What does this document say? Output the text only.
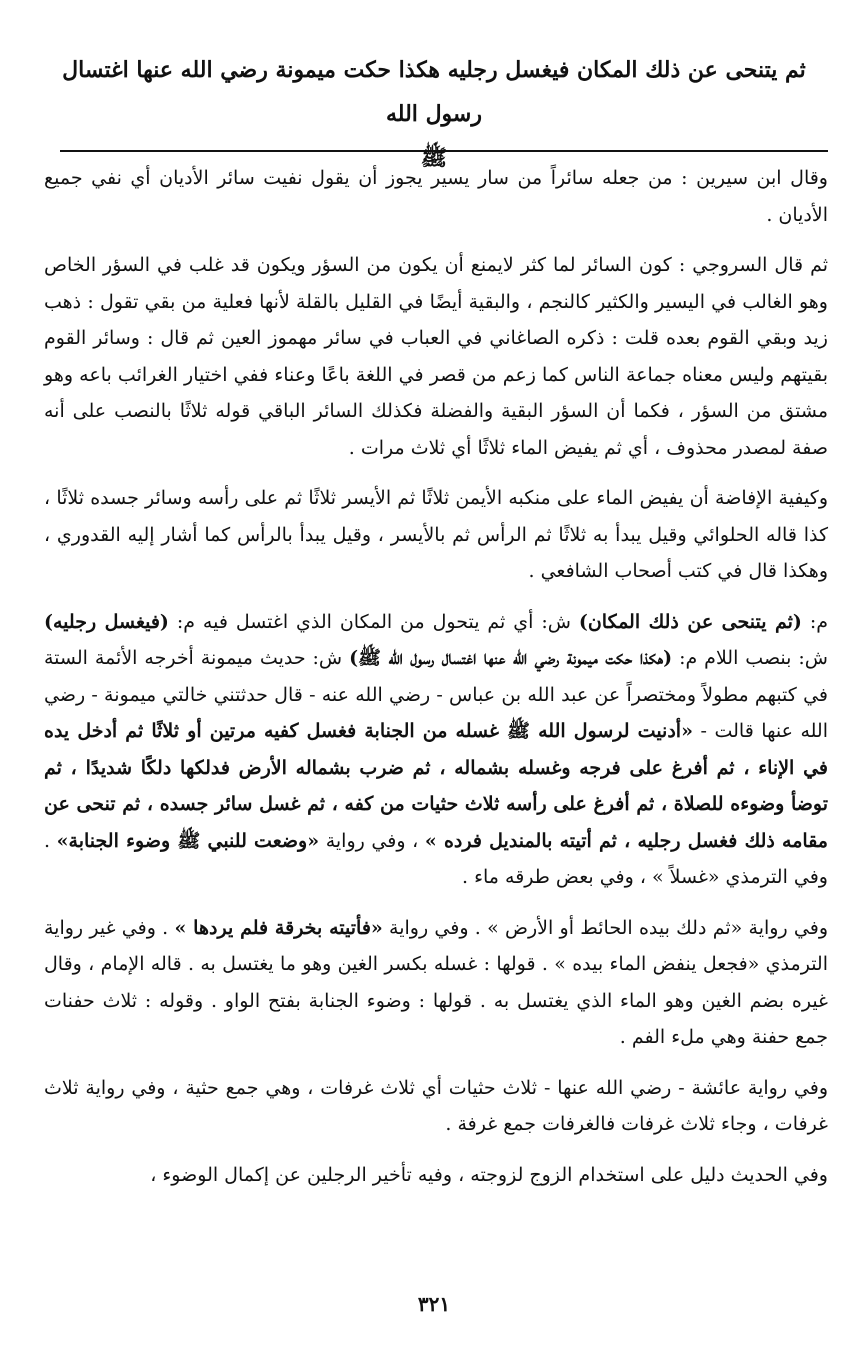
ثم يتنحى عن ذلك المكان فيغسل رجليه هكذا حكت ميمونة رضي الله عنها اغتسال رسول الله
ﷺ

وقال ابن سيرين : من جعله سائراً من سار يسير يجوز أن يقول نفيت سائر الأديان أي نفي جميع الأديان .

ثم قال السروجي : كون السائر لما كثر لايمنع أن يكون من السؤر ويكون قد غلب في السؤر الخاص وهو الغالب في اليسير والكثير كالنجم ، والبقية أيضًا في القليل بالقلة لأنها فعلية من بقي تقول : ذهب زيد وبقي القوم بعده قلت : ذكره الصاغاني في العباب في سائر مهموز العين ثم قال : وسائر القوم بقيتهم وليس معناه جماعة الناس كما زعم من قصر في اللغة باعًا وعناء ففي اختيار الغرائب باعه وهو مشتق من السؤر ، فكما أن السؤر البقية والفضلة فكذلك السائر الباقي قوله ثلاثًا بالنصب على أنه صفة لمصدر محذوف ، أي ثم يفيض الماء ثلاثًا أي ثلاث مرات .

وكيفية الإفاضة أن يفيض الماء على منكبه الأيمن ثلاثًا ثم الأيسر ثلاثًا ثم على رأسه وسائر جسده ثلاثًا ، كذا قاله الحلوائي وقيل يبدأ به ثلاثًا ثم الرأس ثم بالأيسر ، وقيل يبدأ بالرأس كما أشار إليه القدوري ، وهكذا قال في كتب أصحاب الشافعي .

م: (ثم يتنحى عن ذلك المكان) ش: أي ثم يتحول من المكان الذي اغتسل فيه م: (فيغسل رجليه) ش: بنصب اللام م: (هكذا حكت ميمونة رضي الله عنها اغتسال رسول الله ﷺ) ش: حديث ميمونة أخرجه الأئمة الستة في كتبهم مطولاً ومختصراً عن عبد الله بن عباس - رضي الله عنه - قال حدثتني خالتي ميمونة - رضي الله عنها قالت - «أدنيت لرسول الله ﷺ غسله من الجنابة فغسل كفيه مرتين أو ثلاثًا ثم أدخل يده في الإناء ، ثم أفرغ على فرجه وغسله بشماله ، ثم ضرب بشماله الأرض فدلكها دلكًا شديدًا ، ثم توضأ وضوءه للصلاة ، ثم أفرغ على رأسه ثلاث حثيات من كفه ، ثم غسل سائر جسده ، ثم تنحى عن مقامه ذلك فغسل رجليه ، ثم أتيته بالمنديل فرده » ، وفي رواية «وضعت للنبي ﷺ وضوء الجنابة» . وفي الترمذي «غسلاً » ، وفي بعض طرقه ماء .

وفي رواية «ثم دلك بيده الحائط أو الأرض » . وفي رواية «فأتيته بخرقة فلم يردها » . وفي غير رواية الترمذي «فجعل ينفض الماء بيده » . قولها : غسله بكسر الغين وهو ما يغتسل به . قاله الإمام ، وقال غيره بضم الغين وهو الماء الذي يغتسل به . قولها : وضوء الجنابة بفتح الواو . وقوله : ثلاث حفنات جمع حفنة وهي ملء الفم .

وفي رواية عائشة - رضي الله عنها - ثلاث حثيات أي ثلاث غرفات ، وهي جمع حثية ، وفي رواية ثلاث غرفات ، وجاء ثلاث غرفات فالغرفات جمع غرفة .

وفي الحديث دليل على استخدام الزوج لزوجته ، وفيه تأخير الرجلين عن إكمال الوضوء ،

٣٢١
